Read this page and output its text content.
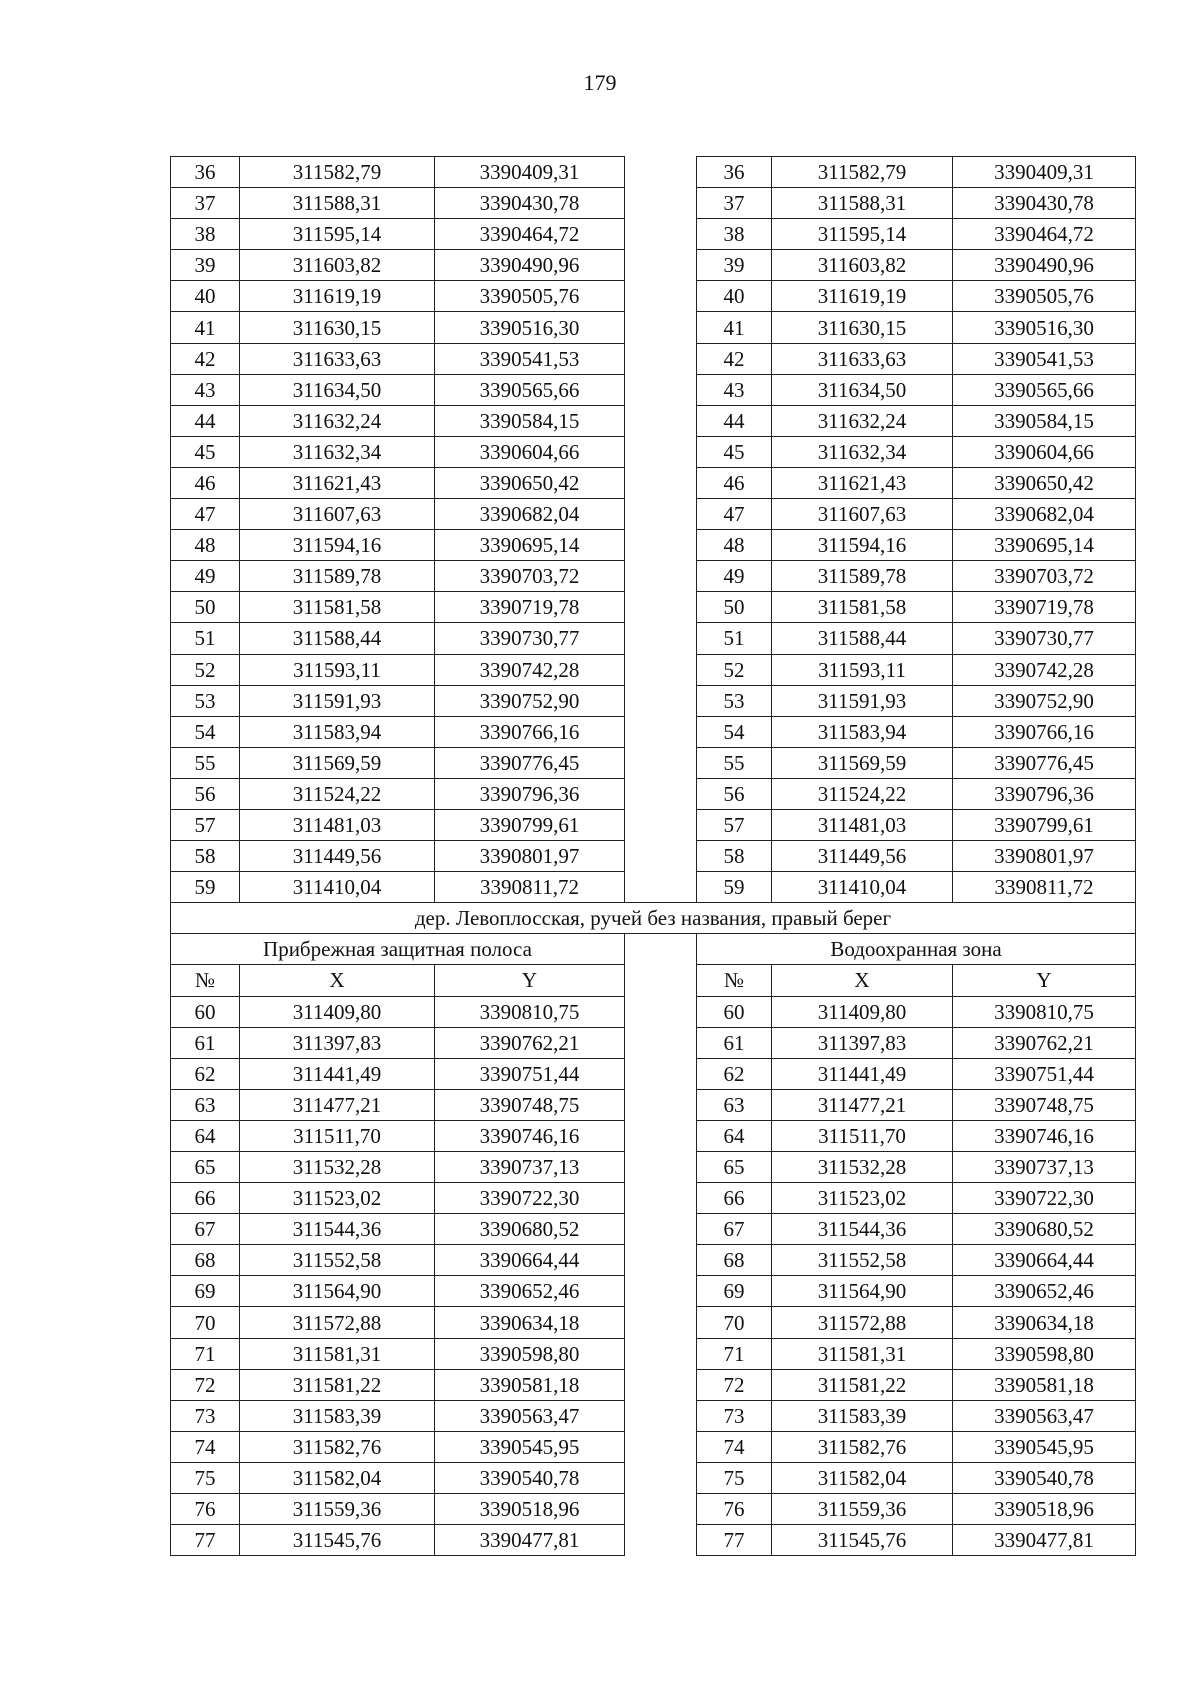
179
36	311582,79	3390409,31		36	311582,79	3390409,31
37	311588,31	3390430,78		37	311588,31	3390430,78
38	311595,14	3390464,72		38	311595,14	3390464,72
39	311603,82	3390490,96		39	311603,82	3390490,96
40	311619,19	3390505,76		40	311619,19	3390505,76
41	311630,15	3390516,30		41	311630,15	3390516,30
42	311633,63	3390541,53		42	311633,63	3390541,53
43	311634,50	3390565,66		43	311634,50	3390565,66
44	311632,24	3390584,15		44	311632,24	3390584,15
45	311632,34	3390604,66		45	311632,34	3390604,66
46	311621,43	3390650,42		46	311621,43	3390650,42
47	311607,63	3390682,04		47	311607,63	3390682,04
48	311594,16	3390695,14		48	311594,16	3390695,14
49	311589,78	3390703,72		49	311589,78	3390703,72
50	311581,58	3390719,78		50	311581,58	3390719,78
51	311588,44	3390730,77		51	311588,44	3390730,77
52	311593,11	3390742,28		52	311593,11	3390742,28
53	311591,93	3390752,90		53	311591,93	3390752,90
54	311583,94	3390766,16		54	311583,94	3390766,16
55	311569,59	3390776,45		55	311569,59	3390776,45
56	311524,22	3390796,36		56	311524,22	3390796,36
57	311481,03	3390799,61		57	311481,03	3390799,61
58	311449,56	3390801,97		58	311449,56	3390801,97
59	311410,04	3390811,72		59	311410,04	3390811,72
дер. Левоплосская, ручей без названия, правый берег						
Прибрежная защитная полоса				Водоохранная зона		
№	X	Y		№	X	Y
60	311409,80	3390810,75		60	311409,80	3390810,75
61	311397,83	3390762,21		61	311397,83	3390762,21
62	311441,49	3390751,44		62	311441,49	3390751,44
63	311477,21	3390748,75		63	311477,21	3390748,75
64	311511,70	3390746,16		64	311511,70	3390746,16
65	311532,28	3390737,13		65	311532,28	3390737,13
66	311523,02	3390722,30		66	311523,02	3390722,30
67	311544,36	3390680,52		67	311544,36	3390680,52
68	311552,58	3390664,44		68	311552,58	3390664,44
69	311564,90	3390652,46		69	311564,90	3390652,46
70	311572,88	3390634,18		70	311572,88	3390634,18
71	311581,31	3390598,80		71	311581,31	3390598,80
72	311581,22	3390581,18		72	311581,22	3390581,18
73	311583,39	3390563,47		73	311583,39	3390563,47
74	311582,76	3390545,95		74	311582,76	3390545,95
75	311582,04	3390540,78		75	311582,04	3390540,78
76	311559,36	3390518,96		76	311559,36	3390518,96
77	311545,76	3390477,81		77	311545,76	3390477,81
